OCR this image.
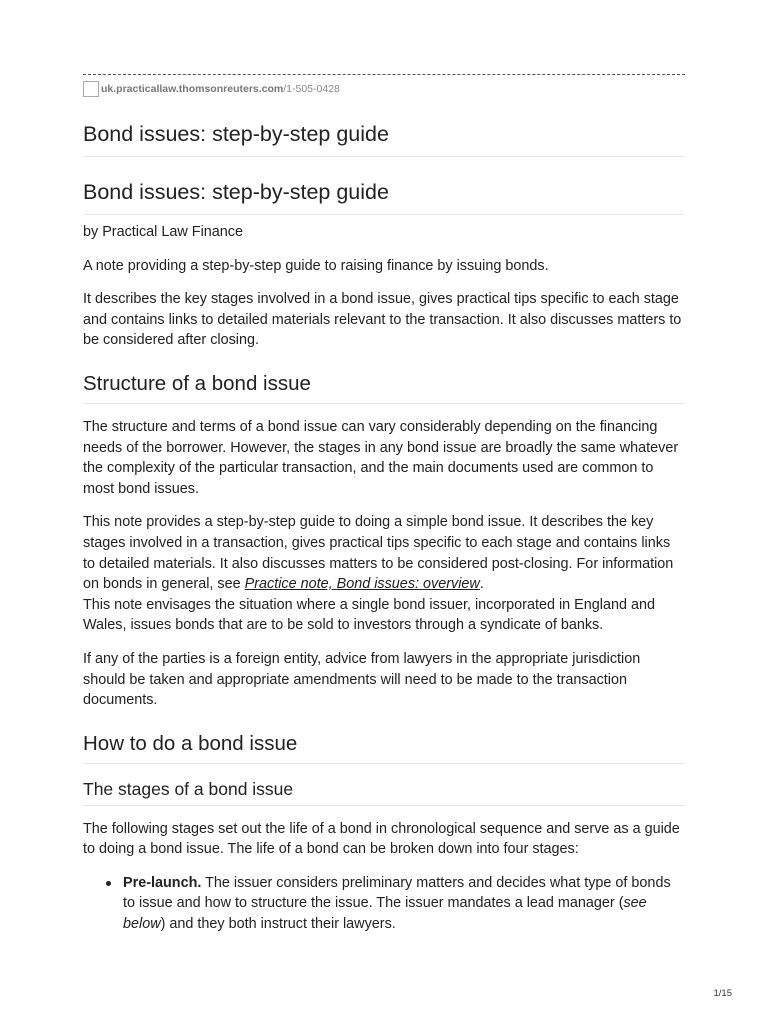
uk.practicallaw.thomsonreuters.com /1-505-0428
Bond issues: step-by-step guide
Bond issues: step-by-step guide

by Practical Law Finance

A note providing a step-by-step guide to raising finance by issuing bonds.

It describes the key stages involved in a bond issue, gives practical tips specific to each stage and contains links to detailed materials relevant to the transaction. It also discusses matters to be considered after closing.

Structure of a bond issue

The structure and terms of a bond issue can vary considerably depending on the financing needs of the borrower. However, the stages in any bond issue are broadly the same whatever the complexity of the particular transaction, and the main documents used are common to most bond issues.

This note provides a step-by-step guide to doing a simple bond issue. It describes the key stages involved in a transaction, gives practical tips specific to each stage and contains links to detailed materials. It also discusses matters to be considered post-closing. For information on bonds in general, see Practice note, Bond issues: overview.

This note envisages the situation where a single bond issuer, incorporated in England and Wales, issues bonds that are to be sold to investors through a syndicate of banks.

If any of the parties is a foreign entity, advice from lawyers in the appropriate jurisdiction should be taken and appropriate amendments will need to be made to the transaction documents.

How to do a bond issue
The stages of a bond issue

The following stages set out the life of a bond in chronological sequence and serve as a guide to doing a bond issue. The life of a bond can be broken down into four stages:

Pre-launch. The issuer considers preliminary matters and decides what type of bonds to issue and how to structure the issue. The issuer mandates a lead manager (see below) and they both instruct their lawyers.
1/15
